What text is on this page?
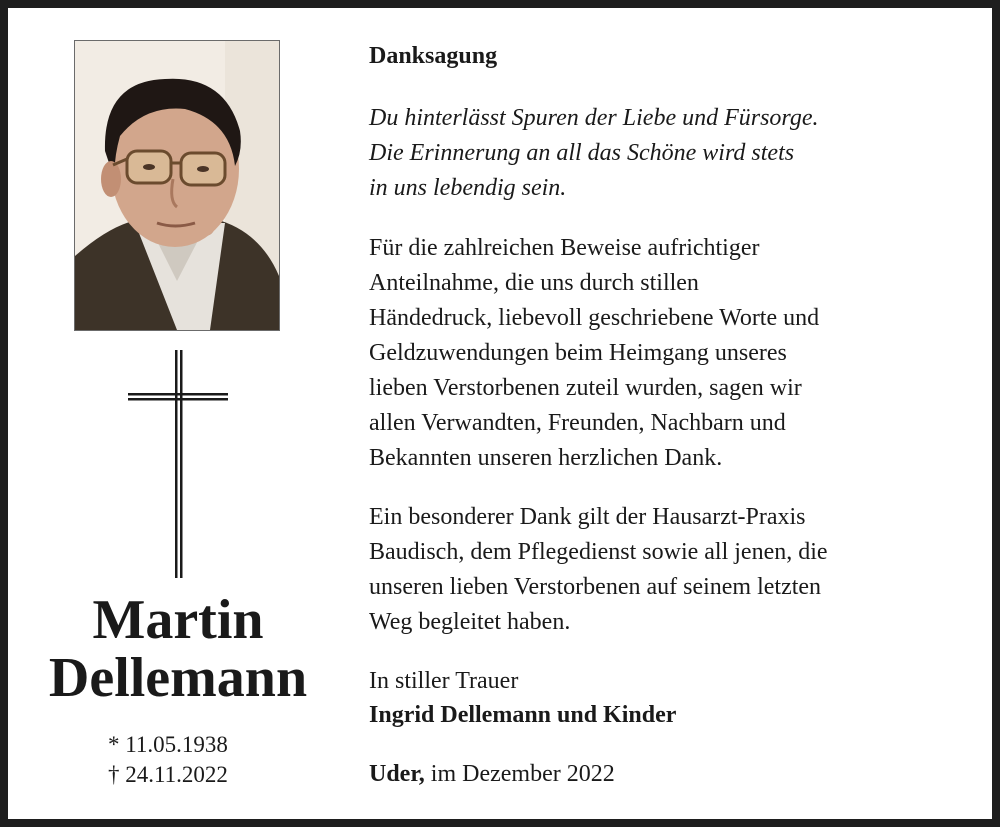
Martin
Dellemann
* 11.05.1938
† 24.11.2022
Danksagung
Du hinterlässt Spuren der Liebe und Fürsorge.
Die Erinnerung an all das Schöne wird stets
in uns lebendig sein.
Für die zahlreichen Beweise aufrichtiger
Anteilnahme, die uns durch stillen
Händedruck, liebevoll geschriebene Worte und
Geldzuwendungen beim Heimgang unseres
lieben Verstorbenen zuteil wurden, sagen wir
allen Verwandten, Freunden, Nachbarn und
Bekannten unseren herzlichen Dank.
Ein besonderer Dank gilt der Hausarzt-Praxis
Baudisch, dem Pflegedienst sowie all jenen, die
unseren lieben Verstorbenen auf seinem letzten
Weg begleitet haben.
In stiller Trauer
Ingrid Dellemann und Kinder
Uder, im Dezember 2022
